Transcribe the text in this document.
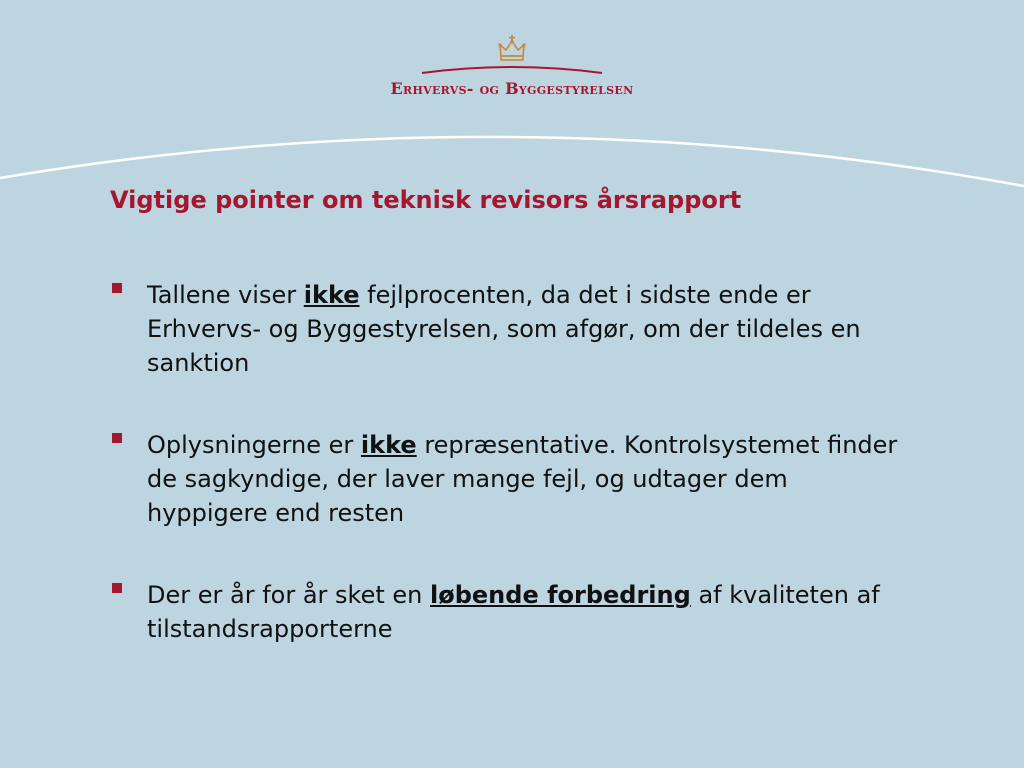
Erhvervs- og Byggestyrelsen
Vigtige pointer om teknisk revisors årsrapport
Tallene viser ikke fejlprocenten, da det i sidste ende er Erhvervs- og Byggestyrelsen, som afgør, om der tildeles en sanktion
Oplysningerne er ikke repræsentative. Kontrolsystemet finder de sagkyndige, der laver mange fejl, og udtager dem hyppigere end resten
Der er år for år sket en løbende forbedring af kvaliteten af tilstandsrapporterne
